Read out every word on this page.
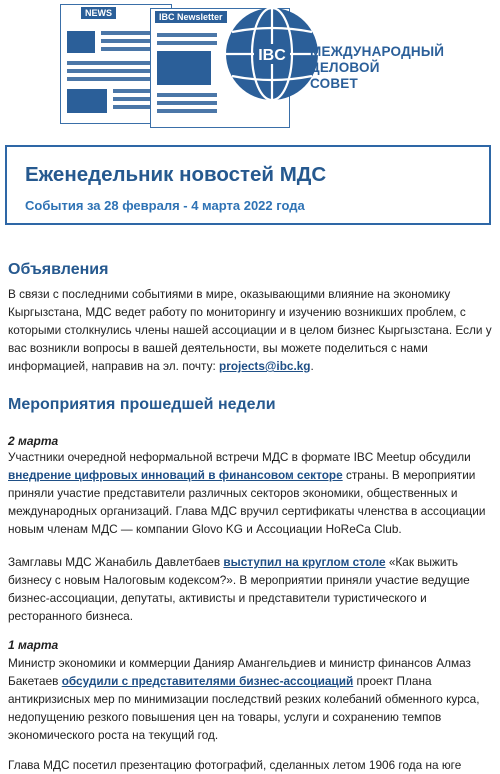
NEWS	IBC Newsletter
IBC МЕЖДУНАРОДНЫЙ
ДЕЛОВОЙ
СОВЕТ
Еженедельник новостей МДС
События за 28 февраля - 4 марта 2022 года
Объявления
В связи с последними событиями в мире, оказывающими влияние на экономику Кыргызстана, МДС ведет работу по мониторингу и изучению возникших проблем, с которыми столкнулись члены нашей ассоциации и в целом бизнес Кыргызстана. Если у вас возникли вопросы в вашей деятельности, вы можете поделиться с нами информацией, направив на эл. почту: projects@ibc.kg.
Мероприятия прошедшей недели
2 марта
Участники очередной неформальной встречи МДС в формате IBC Meetup обсудили внедрение цифровых инноваций в финансовом секторе страны. В мероприятии приняли участие представители различных секторов экономики, общественных и международных организаций. Глава МДС вручил сертификаты членства в ассоциации новым членам МДС — компании Glovo KG и Ассоциации HoReCa Club.
Замглавы МДС Жанабиль Давлетбаев выступил на круглом столе «Как выжить бизнесу с новым Налоговым кодексом?». В мероприятии приняли участие ведущие бизнес-ассоциации, депутаты, активисты и представители туристического и ресторанного бизнеса.
1 марта
Министр экономики и коммерции Данияр Амангельдиев и министр финансов Алмаз Бакетаев обсудили с представителями бизнес-ассоциаций проект Плана антикризисных мер по минимизации последствий резких колебаний обменного курса, недопущению резкого повышения цен на товары, услуги и сохранению темпов экономического роста на текущий год.
Глава МДС посетил презентацию фотографий, сделанных летом 1906 года на юге
